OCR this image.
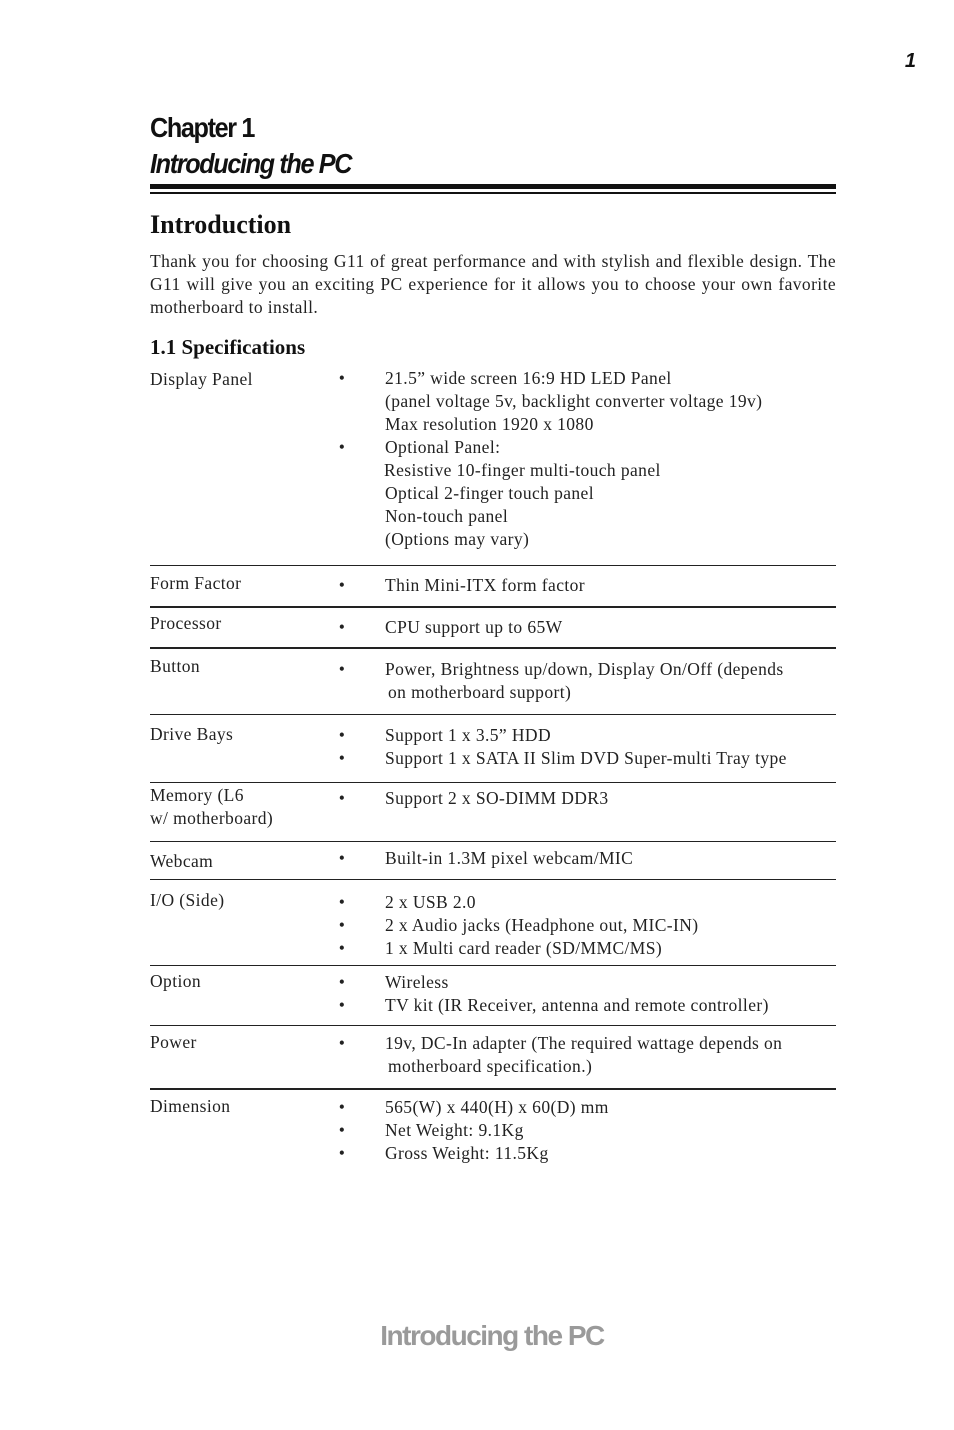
1
Chapter 1
Introducing the PC
Introduction

Thank you for choosing G11 of great performance and with stylish and flexible design. The G11 will give you an exciting PC experience for it allows you to choose your own favorite motherboard to install.

1.1 Specifications
Display Panel	• 21.5” wide screen 16:9 HD LED Panel
(panel voltage 5v, backlight converter voltage 19v)
Max resolution 1920 x 1080
• Optional Panel:
Resistive 10-finger multi-touch panel
Optical 2-finger touch panel
Non-touch panel
(Options may vary)
Form Factor	• Thin Mini-ITX form factor
Processor	• CPU support up to 65W
Button	• Power, Brightness up/down, Display On/Off (depends
on motherboard support)
Drive Bays	• Support 1 x 3.5” HDD
• Support 1 x SATA II Slim DVD Super-multi Tray type
Memory (L6
w/ motherboard)
• Support 2 x SO-DIMM DDR3
Webcam	• Built-in 1.3M pixel webcam/MIC
I/O (Side)	• 2 x USB 2.0
• 2 x Audio jacks (Headphone out, MIC-IN)
• 1 x Multi card reader (SD/MMC/MS)
Option	• Wireless
• TV kit (IR Receiver, antenna and remote controller)
Power	• 19v, DC-In adapter (The required wattage depends on
motherboard specification.)
Dimension	• 565(W) x 440(H) x 60(D) mm
• Net Weight: 9.1Kg
• Gross Weight: 11.5Kg
Introducing the PC
